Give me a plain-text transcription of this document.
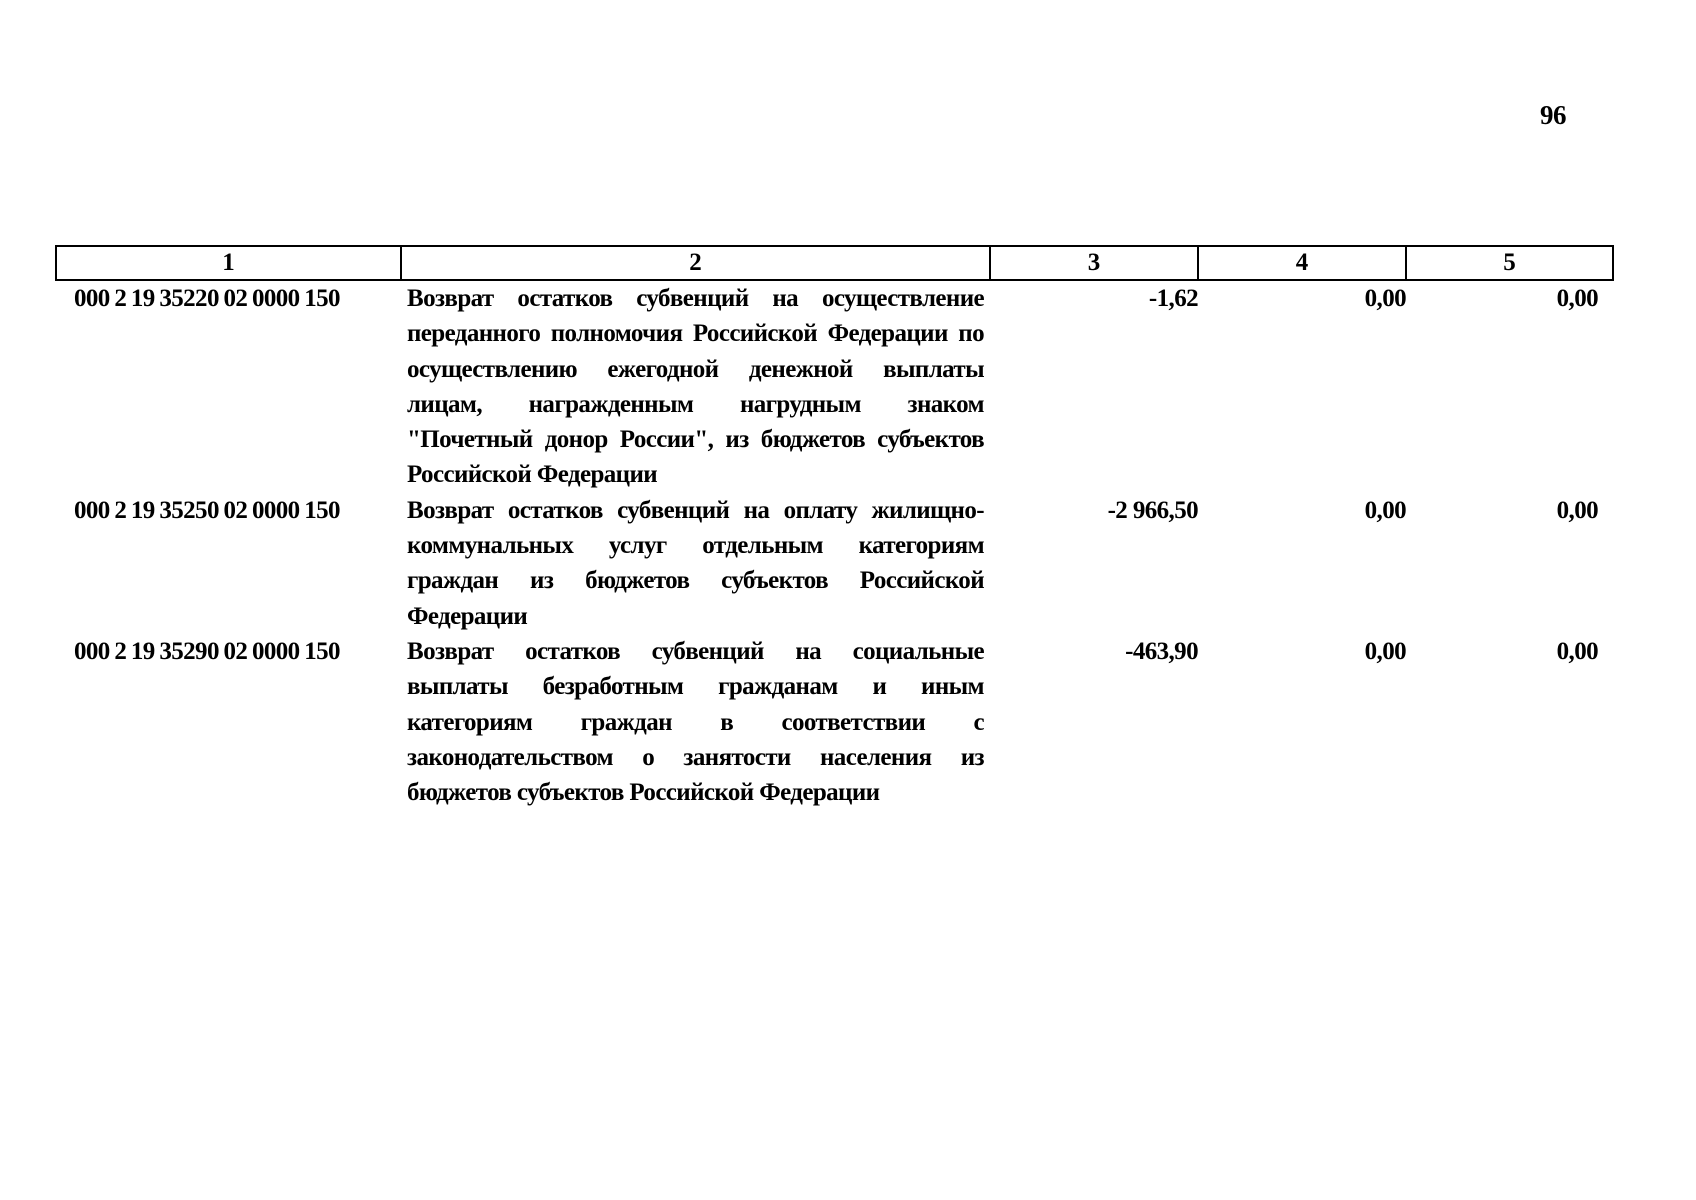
96
1	2	3	4	5
000 2 19 35220 02 0000 150	Возврат остатков субвенций на осуществление переданного полномочия Российской Федерации по осуществлению ежегодной денежной выплаты лицам, награжденным нагрудным знаком "Почетный донор России", из бюджетов субъектов Российской Федерации	-1,62	0,00	0,00
000 2 19 35250 02 0000 150	Возврат остатков субвенций на оплату жилищно-коммунальных услуг отдельным категориям граждан из бюджетов субъектов Российской Федерации	-2 966,50	0,00	0,00
000 2 19 35290 02 0000 150	Возврат остатков субвенций на социальные выплаты безработным гражданам и иным категориям граждан в соответствии с законодательством о занятости населения из бюджетов субъектов Российской Федерации	-463,90	0,00	0,00
